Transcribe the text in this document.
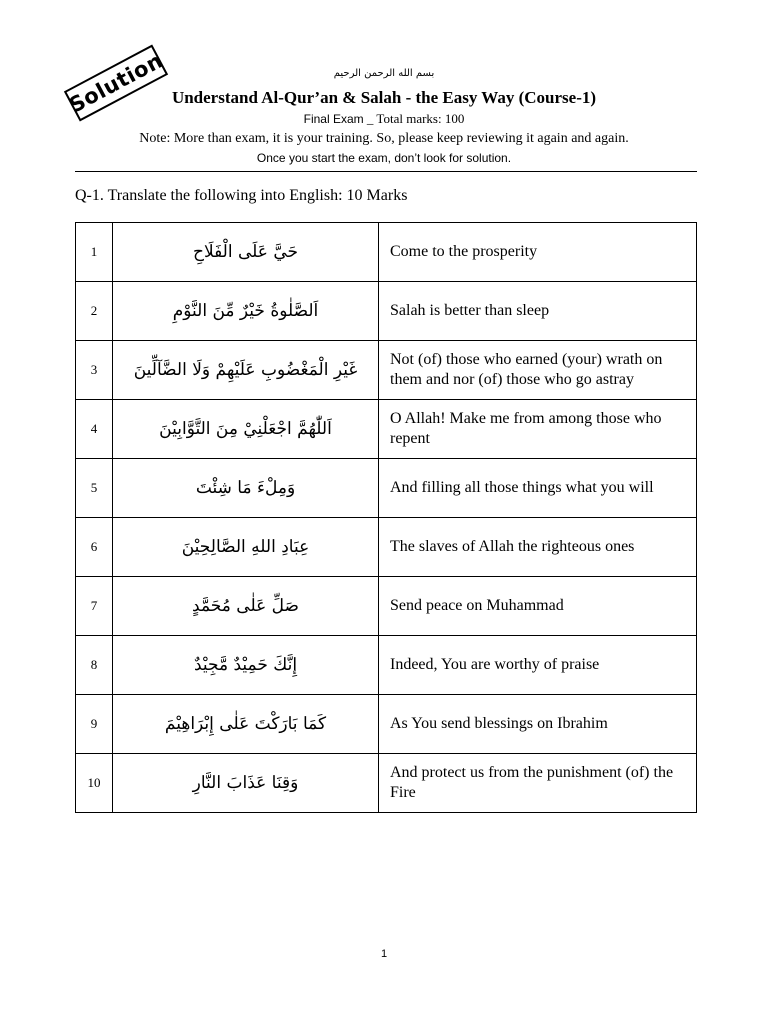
Solution	بسم الله الرحمن الرحيم
Understand Al-Qur’an & Salah - the Easy Way (Course-1)
Final Exam _ Total marks: 100
Note: More than exam, it is your training. So, please keep reviewing it again and again.
Once you start the exam, don’t look for solution.
Q-1. Translate the following into English: 10 Marks
1	حَيَّ عَلَى الْفَلَاحِ	Come to the prosperity
2	اَلصَّلٰوةُ خَيْرٌ مِّنَ النَّوْمِ	Salah is better than sleep
3	غَيْرِ الْمَغْضُوبِ عَلَيْهِمْ وَلَا الضَّآلِّينَ	Not (of) those who earned (your) wrath on them and nor (of) those who go astray
4	اَللّٰهُمَّ اجْعَلْنِيْ مِنَ التَّوَّابِيْنَ	O Allah! Make me from among those who repent
5	وَمِلْءَ مَا شِئْتَ	And filling all those things what you will
6	عِبَادِ اللهِ الصَّالِحِيْنَ	The slaves of Allah the righteous ones
7	صَلِّ عَلٰى مُحَمَّدٍ	Send peace on Muhammad
8	إِنَّكَ حَمِيْدٌ مَّجِيْدٌ	Indeed, You are worthy of praise
9	كَمَا بَارَكْتَ عَلٰى إِبْرَاهِيْمَ	As You send blessings on Ibrahim
10	وَقِنَا عَذَابَ النَّارِ	And protect us from the punishment (of) the Fire
1
